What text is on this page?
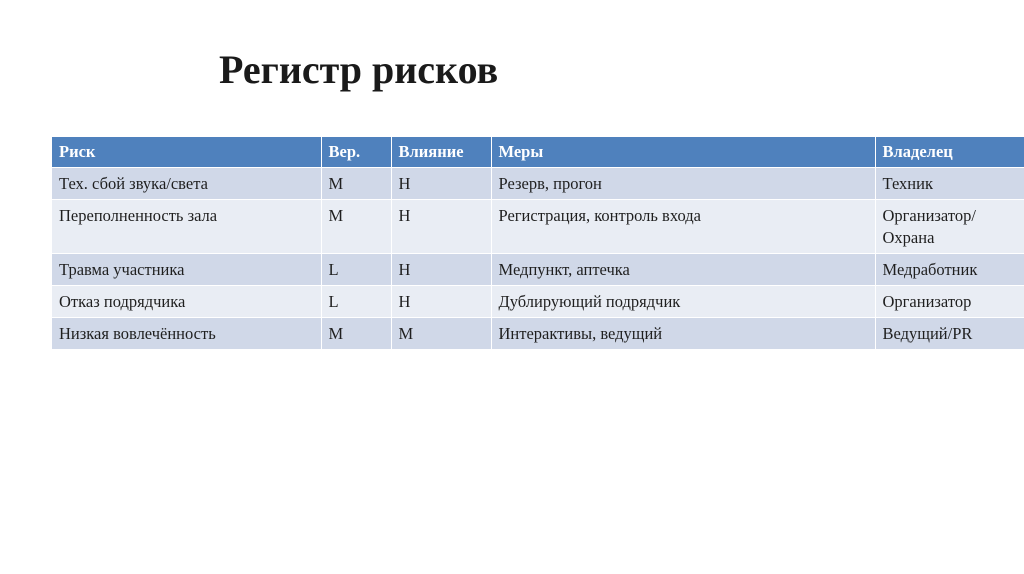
Регистр рисков
Риск	Вер.	Влияние	Меры	Владелец
Тех. сбой звука/света	M	H	Резерв, прогон	Техник
Переполненность зала	M	H	Регистрация, контроль входа	Организатор/Охрана
Травма участника	L	H	Медпункт, аптечка	Медработник
Отказ подрядчика	L	H	Дублирующий подрядчик	Организатор
Низкая вовлечённость	M	M	Интерактивы, ведущий	Ведущий/PR
